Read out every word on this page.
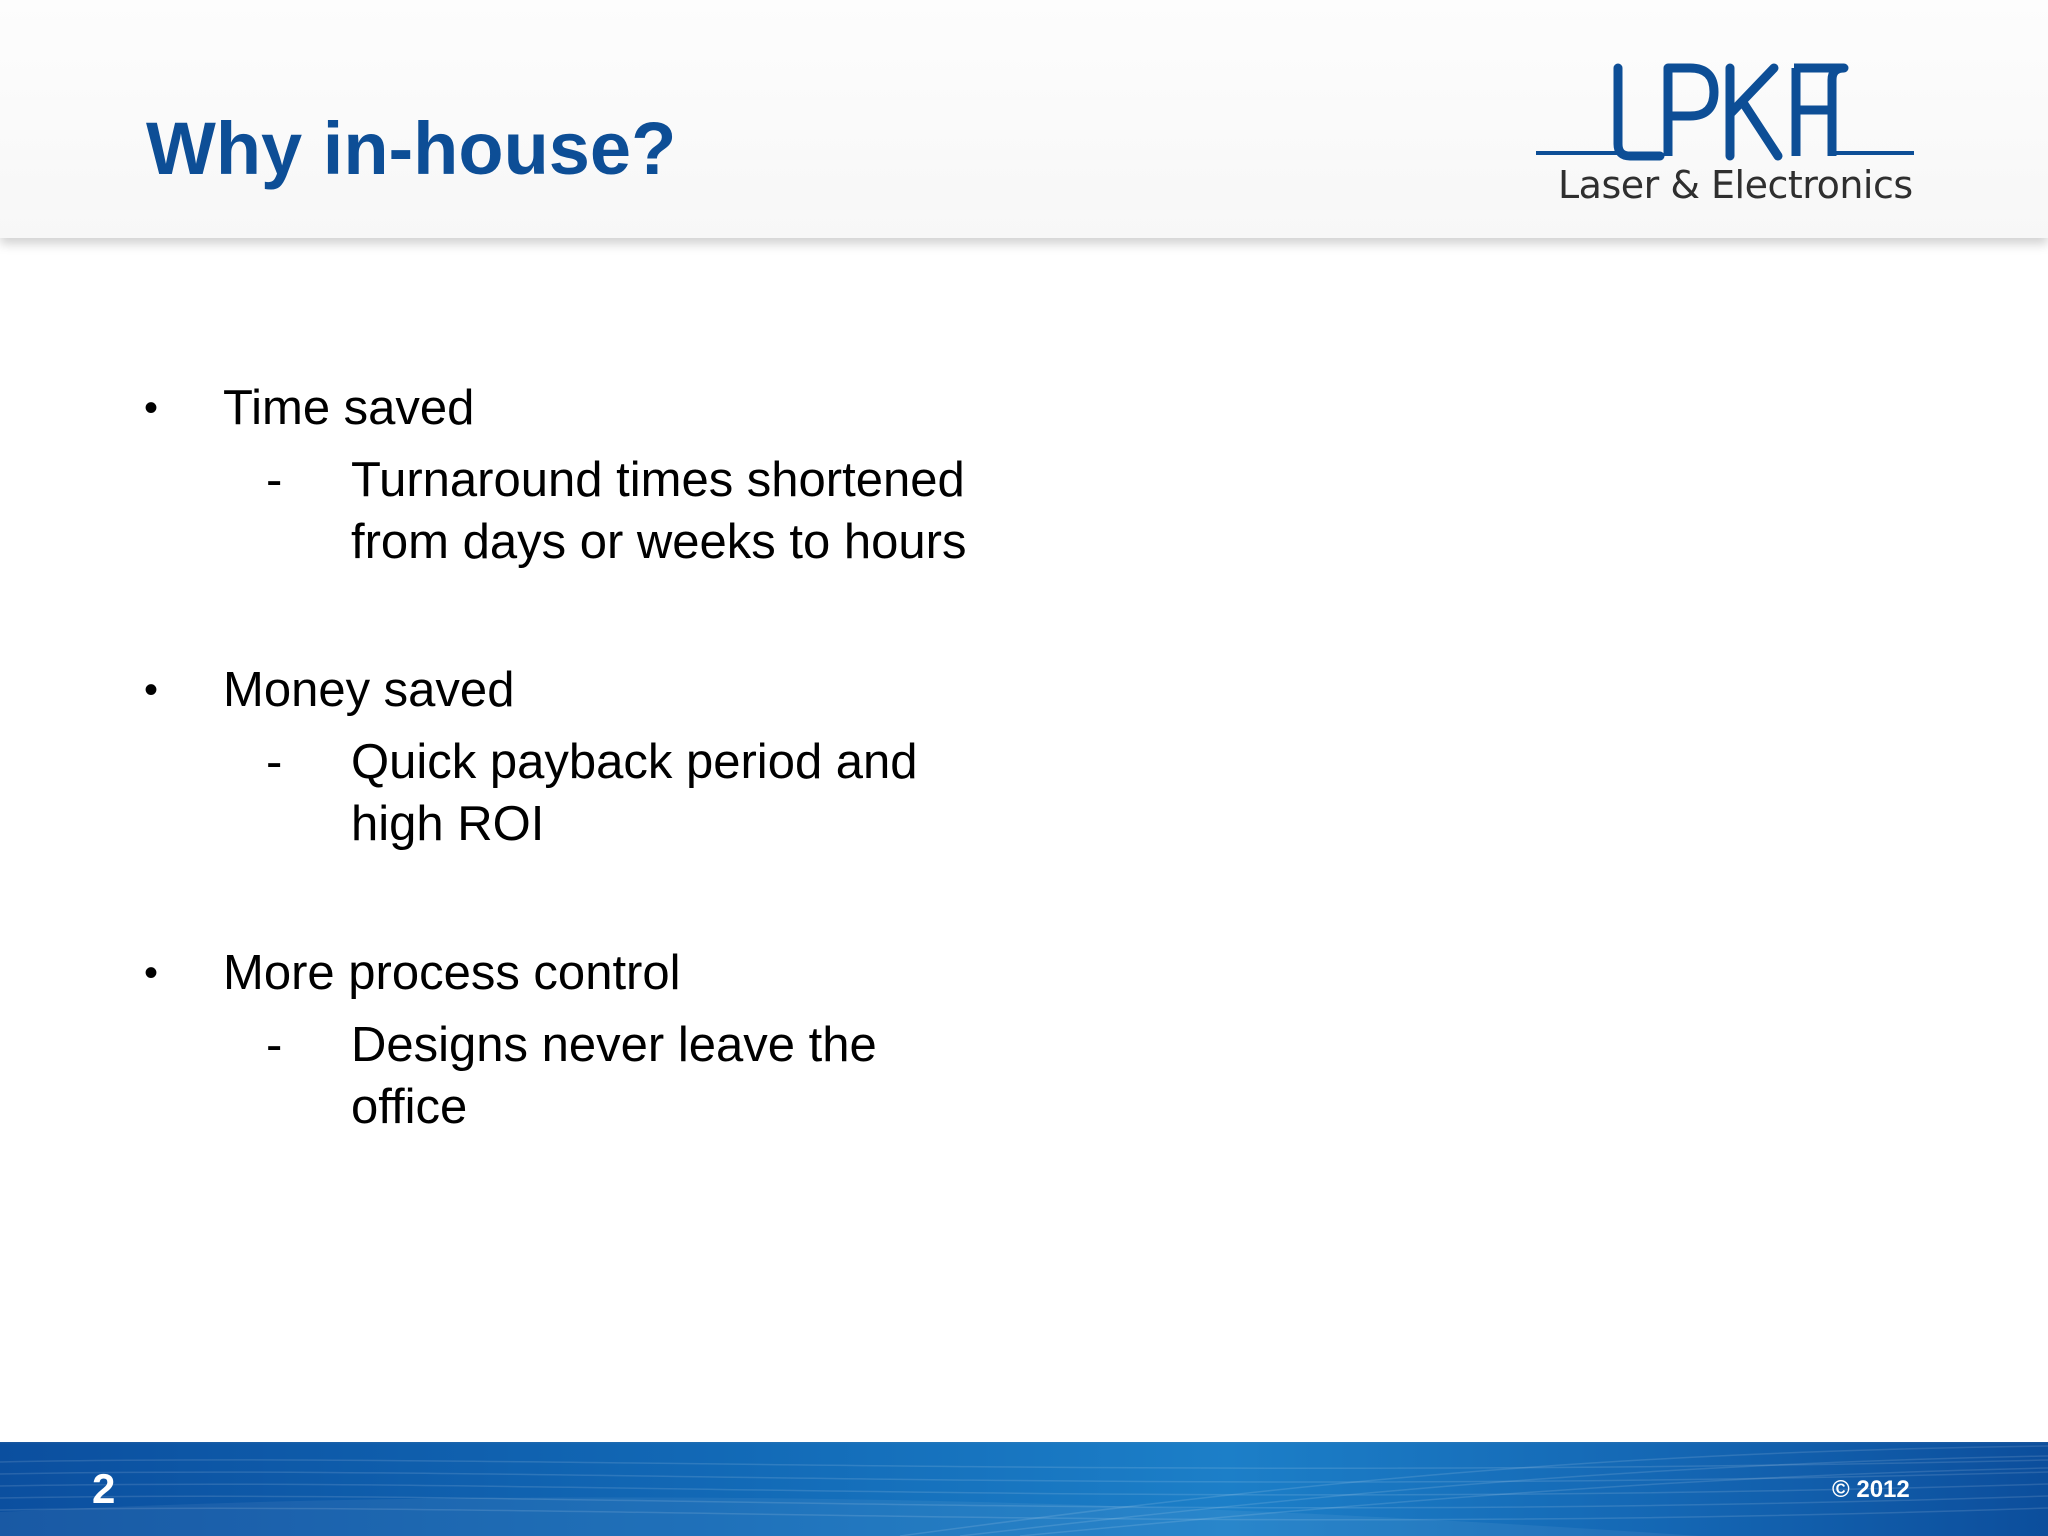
Why in-house?	Laser & Electronics
• Time saved
- Turnaround times shortened
from days or weeks to hours
• Money saved
- Quick payback period and
high ROI
• More process control
- Designs never leave the
office
2	© 2012
